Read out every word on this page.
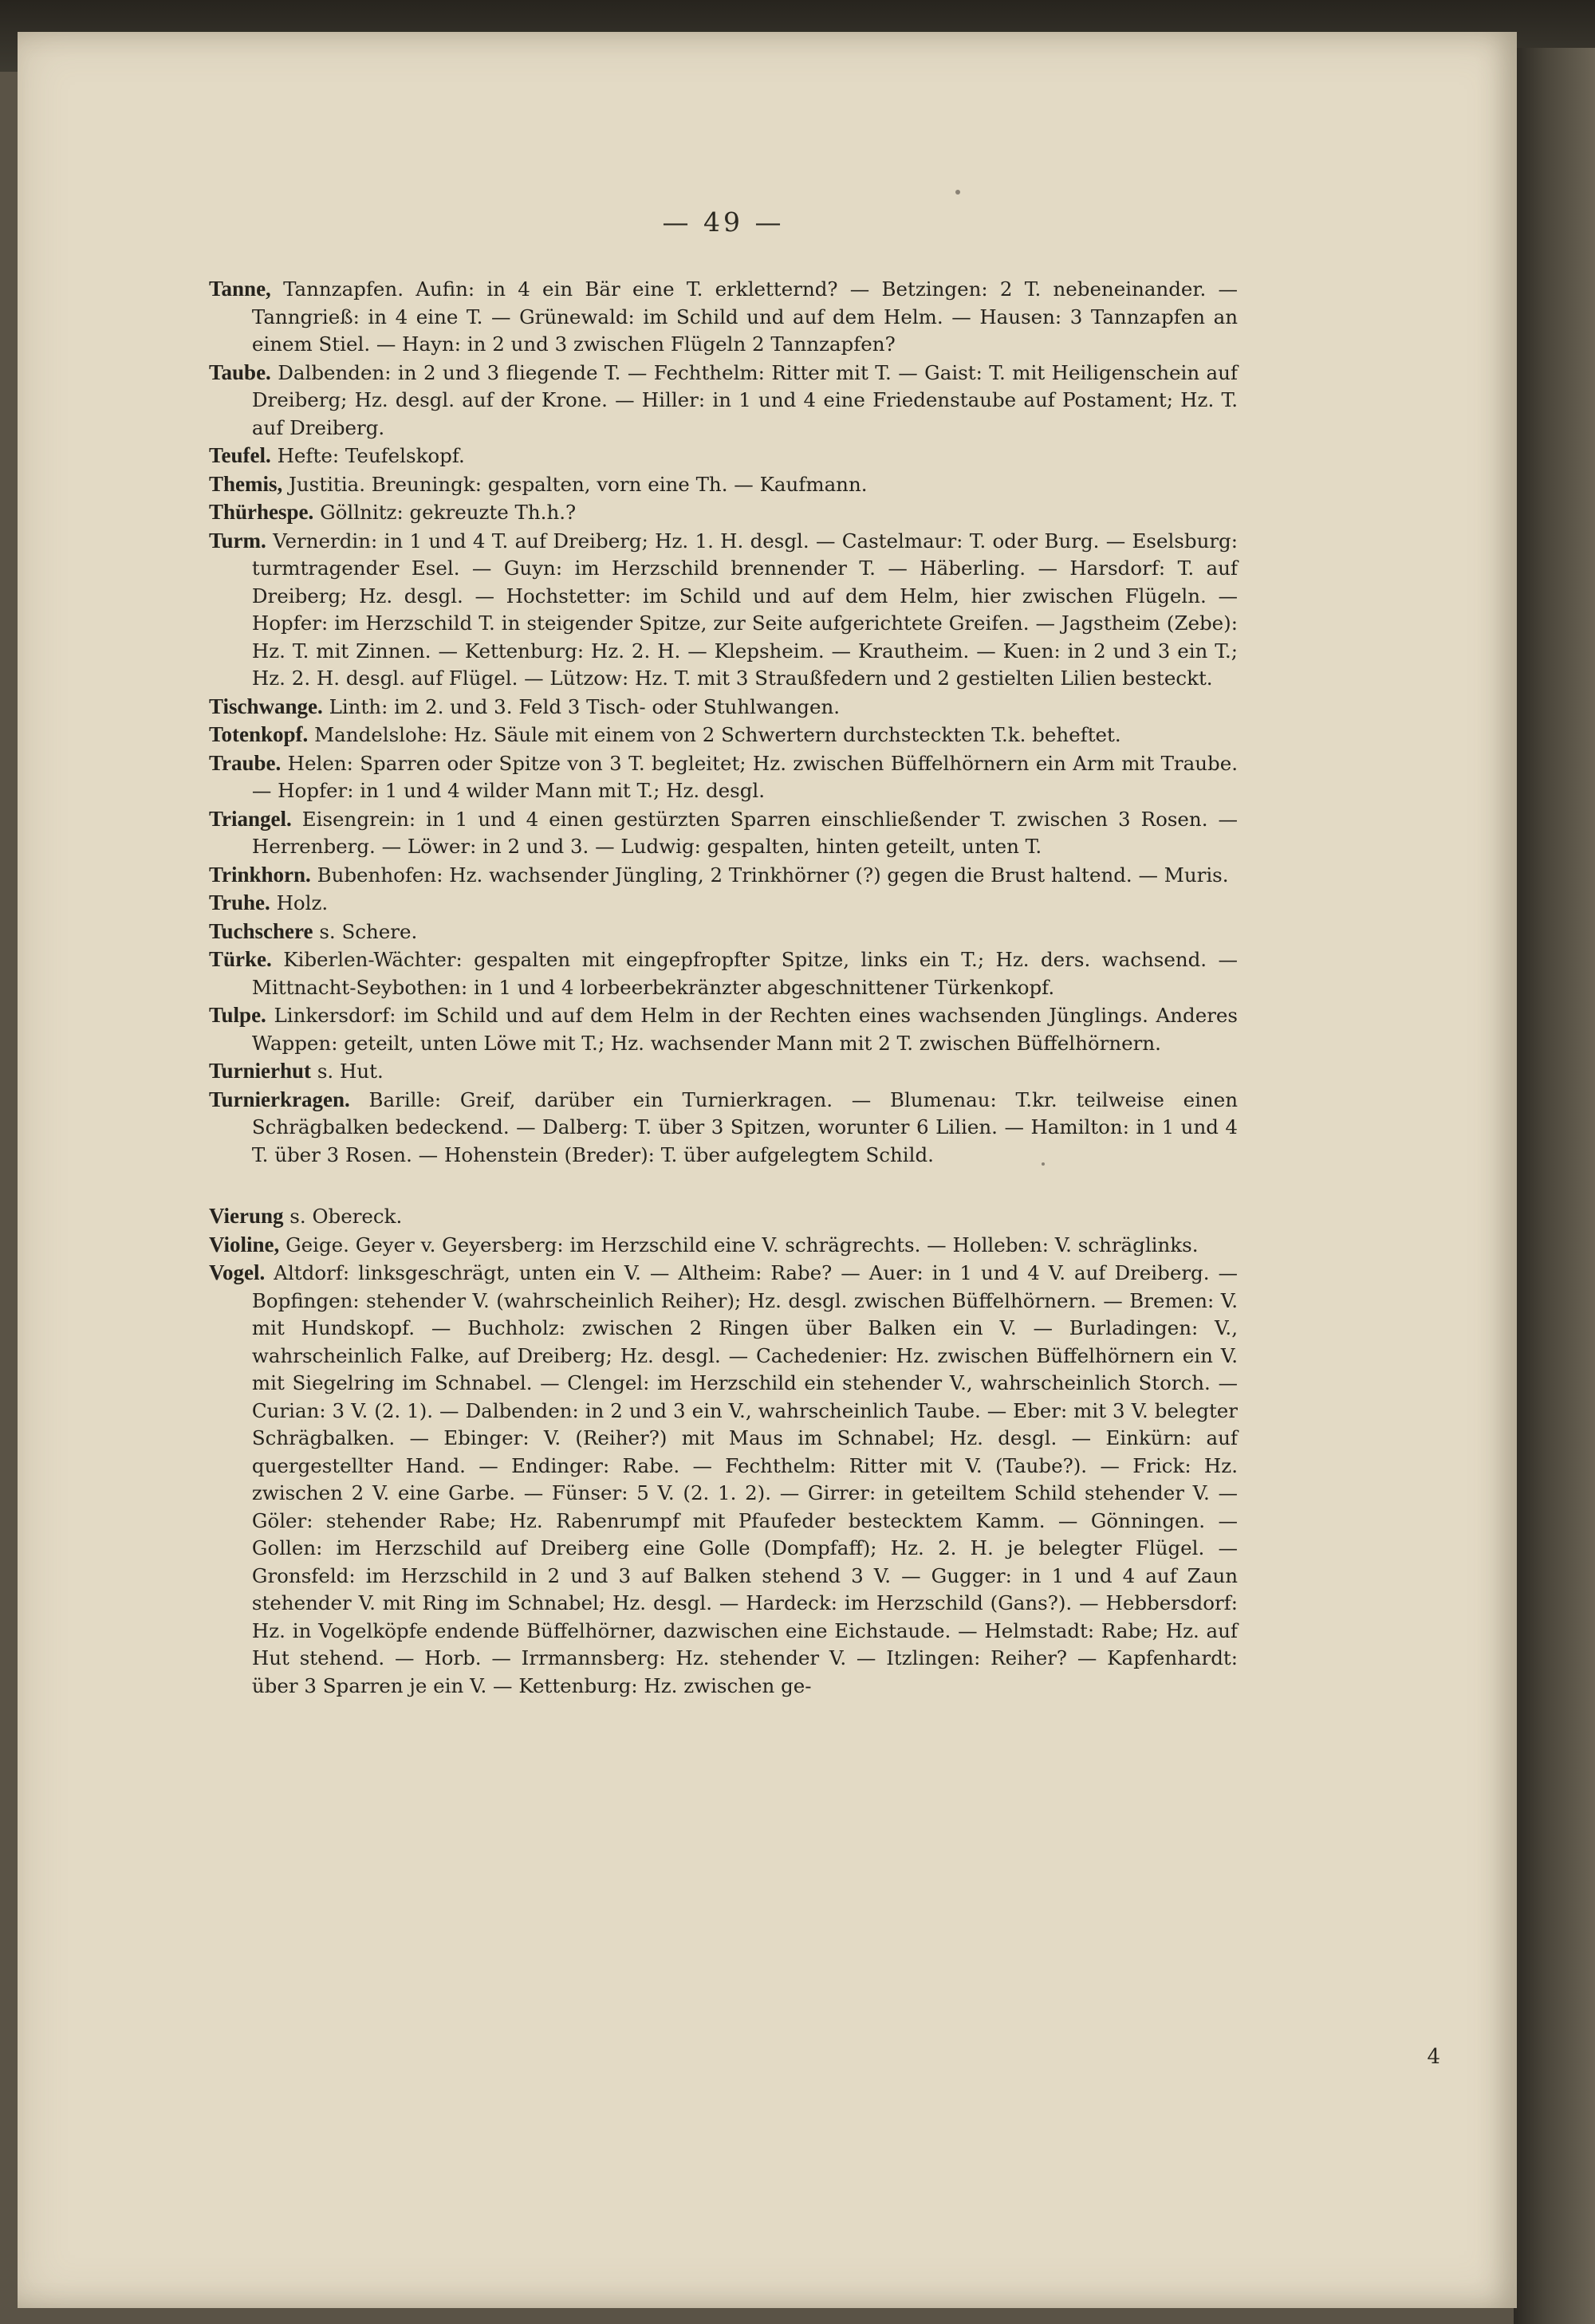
— 49 —

Tanne, Tannzapfen. Aufin: in 4 ein Bär eine T. erkletternd? — Betzingen: 2 T. nebeneinander. — Tanngrieß: in 4 eine T. — Grünewald: im Schild und auf dem Helm. — Hausen: 3 Tannzapfen an einem Stiel. — Hayn: in 2 und 3 zwischen Flügeln 2 Tannzapfen?

Taube. Dalbenden: in 2 und 3 fliegende T. — Fechthelm: Ritter mit T. — Gaist: T. mit Heiligenschein auf Dreiberg; Hz. desgl. auf der Krone. — Hiller: in 1 und 4 eine Friedenstaube auf Postament; Hz. T. auf Dreiberg.

Teufel. Hefte: Teufelskopf.

Themis, Justitia. Breuningk: gespalten, vorn eine Th. — Kaufmann.

Thürhespe. Göllnitz: gekreuzte Th.h.?

Turm. Vernerdin: in 1 und 4 T. auf Dreiberg; Hz. 1. H. desgl. — Castelmaur: T. oder Burg. — Eselsburg: turmtragender Esel. — Guyn: im Herzschild brennender T. — Häberling. — Harsdorf: T. auf Dreiberg; Hz. desgl. — Hochstetter: im Schild und auf dem Helm, hier zwischen Flügeln. — Hopfer: im Herzschild T. in steigender Spitze, zur Seite aufgerichtete Greifen. — Jagstheim (Zebe): Hz. T. mit Zinnen. — Kettenburg: Hz. 2. H. — Klepsheim. — Krautheim. — Kuen: in 2 und 3 ein T.; Hz. 2. H. desgl. auf Flügel. — Lützow: Hz. T. mit 3 Straußfedern und 2 gestielten Lilien besteckt.

Tischwange. Linth: im 2. und 3. Feld 3 Tisch- oder Stuhlwangen.

Totenkopf. Mandelslohe: Hz. Säule mit einem von 2 Schwertern durchsteckten T.k. beheftet.

Traube. Helen: Sparren oder Spitze von 3 T. begleitet; Hz. zwischen Büffelhörnern ein Arm mit Traube. — Hopfer: in 1 und 4 wilder Mann mit T.; Hz. desgl.

Triangel. Eisengrein: in 1 und 4 einen gestürzten Sparren einschließender T. zwischen 3 Rosen. — Herrenberg. — Löwer: in 2 und 3. — Ludwig: gespalten, hinten geteilt, unten T.

Trinkhorn. Bubenhofen: Hz. wachsender Jüngling, 2 Trinkhörner (?) gegen die Brust haltend. — Muris.

Truhe. Holz.

Tuchschere s. Schere.

Türke. Kiberlen-Wächter: gespalten mit eingepfropfter Spitze, links ein T.; Hz. ders. wachsend. — Mittnacht-Seybothen: in 1 und 4 lorbeerbekränzter abgeschnittener Türkenkopf.

Tulpe. Linkersdorf: im Schild und auf dem Helm in der Rechten eines wachsenden Jünglings. Anderes Wappen: geteilt, unten Löwe mit T.; Hz. wachsender Mann mit 2 T. zwischen Büffelhörnern.

Turnierhut s. Hut.

Turnierkragen. Barille: Greif, darüber ein Turnierkragen. — Blumenau: T.kr. teilweise einen Schrägbalken bedeckend. — Dalberg: T. über 3 Spitzen, worunter 6 Lilien. — Hamilton: in 1 und 4 T. über 3 Rosen. — Hohenstein (Breder): T. über aufgelegtem Schild.

Vierung s. Obereck.

Violine, Geige. Geyer v. Geyersberg: im Herzschild eine V. schrägrechts. — Holleben: V. schräglinks.

Vogel. Altdorf: linksgeschrägt, unten ein V. — Altheim: Rabe? — Auer: in 1 und 4 V. auf Dreiberg. — Bopfingen: stehender V. (wahrscheinlich Reiher); Hz. desgl. zwischen Büffelhörnern. — Bremen: V. mit Hundskopf. — Buchholz: zwischen 2 Ringen über Balken ein V. — Burladingen: V., wahrscheinlich Falke, auf Dreiberg; Hz. desgl. — Cachedenier: Hz. zwischen Büffelhörnern ein V. mit Siegelring im Schnabel. — Clengel: im Herzschild ein stehender V., wahrscheinlich Storch. — Curian: 3 V. (2. 1). — Dalbenden: in 2 und 3 ein V., wahrscheinlich Taube. — Eber: mit 3 V. belegter Schrägbalken. — Ebinger: V. (Reiher?) mit Maus im Schnabel; Hz. desgl. — Einkürn: auf quergestellter Hand. — Endinger: Rabe. — Fechthelm: Ritter mit V. (Taube?). — Frick: Hz. zwischen 2 V. eine Garbe. — Fünser: 5 V. (2. 1. 2). — Girrer: in geteiltem Schild stehender V. — Göler: stehender Rabe; Hz. Rabenrumpf mit Pfaufeder bestecktem Kamm. — Gönningen. — Gollen: im Herzschild auf Dreiberg eine Golle (Dompfaff); Hz. 2. H. je belegter Flügel. — Gronsfeld: im Herzschild in 2 und 3 auf Balken stehend 3 V. — Gugger: in 1 und 4 auf Zaun stehender V. mit Ring im Schnabel; Hz. desgl. — Hardeck: im Herzschild (Gans?). — Hebbersdorf: Hz. in Vogelköpfe endende Büffelhörner, dazwischen eine Eichstaude. — Helmstadt: Rabe; Hz. auf Hut stehend. — Horb. — Irrmannsberg: Hz. stehender V. — Itzlingen: Reiher? — Kapfenhardt: über 3 Sparren je ein V. — Kettenburg: Hz. zwischen ge-

4
